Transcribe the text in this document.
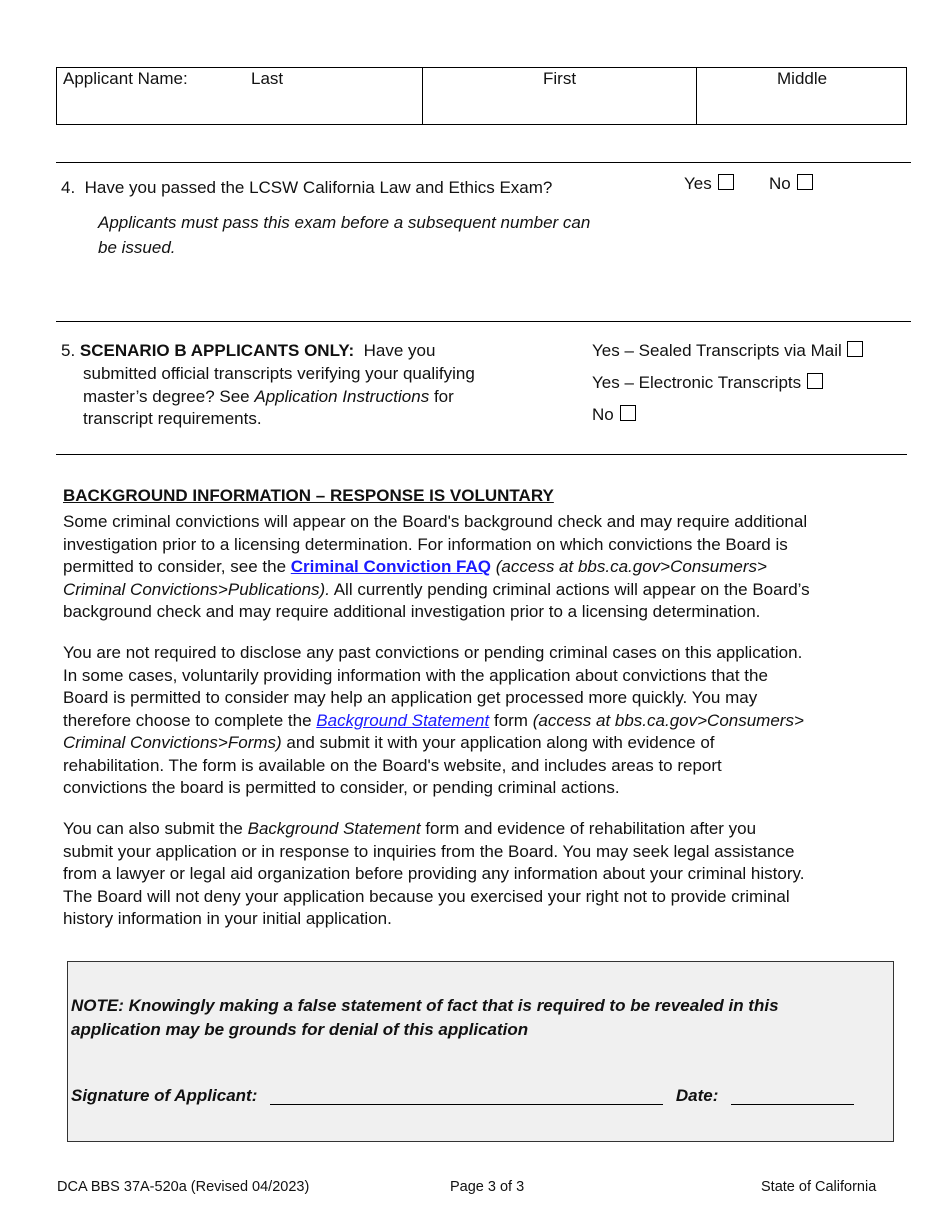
Applicant Name:	Last	First	Middle
4. Have you passed the LCSW California Law and Ethics Exam?
Applicants must pass this exam before a subsequent number can
be issued.
Yes	No
5. SCENARIO B APPLICANTS ONLY: Have you
submitted official transcripts verifying your qualifying
master’s degree? See Application Instructions for
transcript requirements.
Yes – Sealed Transcripts via Mail
Yes – Electronic Transcripts
No
BACKGROUND INFORMATION – RESPONSE IS VOLUNTARY
Some criminal convictions will appear on the Board's background check and may require additional
investigation prior to a licensing determination. For information on which convictions the Board is
permitted to consider, see the Criminal Conviction FAQ (access at bbs.ca.gov>Consumers>
Criminal Convictions>Publications). All currently pending criminal actions will appear on the Board’s
background check and may require additional investigation prior to a licensing determination.
You are not required to disclose any past convictions or pending criminal cases on this application.
In some cases, voluntarily providing information with the application about convictions that the
Board is permitted to consider may help an application get processed more quickly. You may
therefore choose to complete the Background Statement form (access at bbs.ca.gov>Consumers>
Criminal Convictions>Forms) and submit it with your application along with evidence of
rehabilitation. The form is available on the Board's website, and includes areas to report
convictions the board is permitted to consider, or pending criminal actions.
You can also submit the Background Statement form and evidence of rehabilitation after you
submit your application or in response to inquiries from the Board. You may seek legal assistance
from a lawyer or legal aid organization before providing any information about your criminal history.
The Board will not deny your application because you exercised your right not to provide criminal
history information in your initial application.
NOTE: Knowingly making a false statement of fact that is required to be revealed in this
application may be grounds for denial of this application
Signature of Applicant:	Date:
DCA BBS 37A-520a (Revised 04/2023)	Page 3 of 3	State of California
